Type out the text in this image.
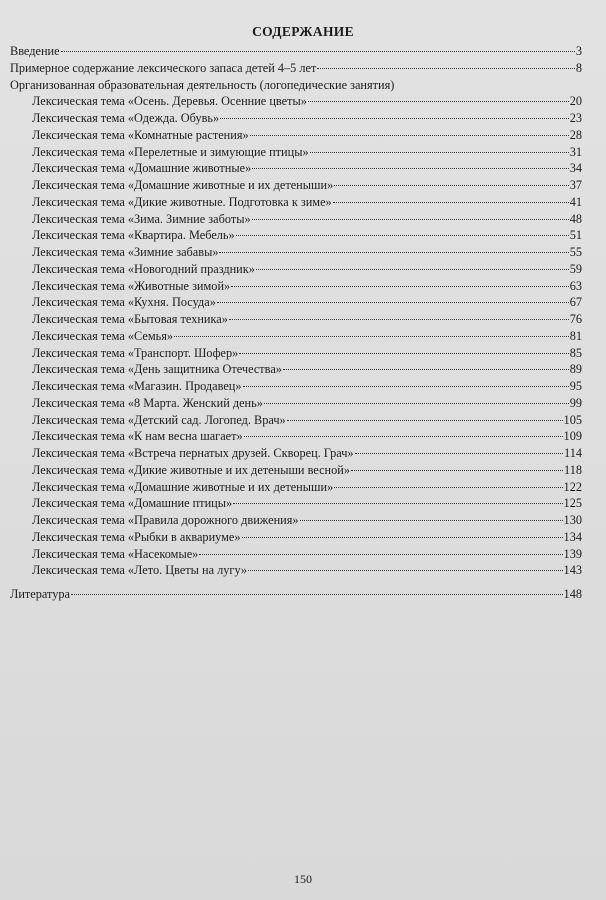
СОДЕРЖАНИЕ
Введение	3
Примерное содержание лексического запаса детей 4–5 лет	8
Организованная образовательная деятельность (логопедические занятия)
Лексическая тема «Осень. Деревья. Осенние цветы»	20
Лексическая тема «Одежда. Обувь»	23
Лексическая тема «Комнатные растения»	28
Лексическая тема «Перелетные и зимующие птицы»	31
Лексическая тема «Домашние животные»	34
Лексическая тема «Домашние животные и их детеныши»	37
Лексическая тема «Дикие животные. Подготовка к зиме»	41
Лексическая тема «Зима. Зимние заботы»	48
Лексическая тема «Квартира. Мебель»	51
Лексическая тема «Зимние забавы»	55
Лексическая тема «Новогодний праздник»	59
Лексическая тема «Животные зимой»	63
Лексическая тема «Кухня. Посуда»	67
Лексическая тема «Бытовая техника»	76
Лексическая тема «Семья»	81
Лексическая тема «Транспорт. Шофер»	85
Лексическая тема «День защитника Отечества»	89
Лексическая тема «Магазин. Продавец»	95
Лексическая тема «8 Марта. Женский день»	99
Лексическая тема «Детский сад. Логопед. Врач»	105
Лексическая тема «К нам весна шагает»	109
Лексическая тема «Встреча пернатых друзей. Скворец. Грач»	114
Лексическая тема «Дикие животные и их детеныши весной»	118
Лексическая тема «Домашние животные и их детеныши»	122
Лексическая тема «Домашние птицы»	125
Лексическая тема «Правила дорожного движения»	130
Лексическая тема «Рыбки в аквариуме»	134
Лексическая тема «Насекомые»	139
Лексическая тема «Лето. Цветы на лугу»	143
Литература	148
150
